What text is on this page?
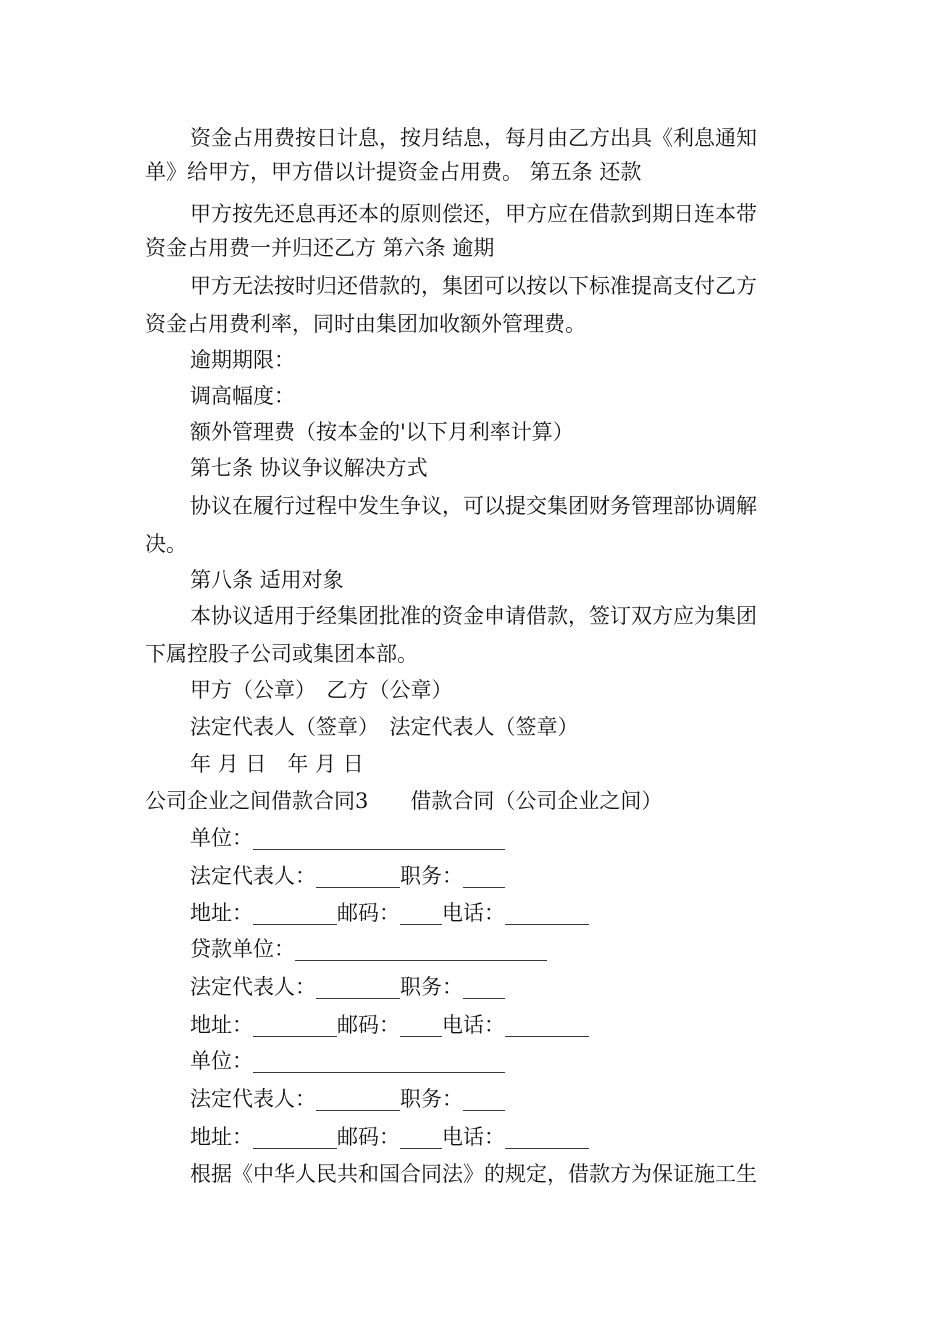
资金占用费按日计息，按月结息，每月由乙方出具《利息通知
单》给甲方，甲方借以计提资金占用费。 第五条 还款
甲方按先还息再还本的原则偿还，甲方应在借款到期日连本带
资金占用费一并归还乙方 第六条 逾期
甲方无法按时归还借款的，集团可以按以下标准提高支付乙方
资金占用费利率，同时由集团加收额外管理费。
逾期期限：
调高幅度：
额外管理费（按本金的'以下月利率计算）
第七条 协议争议解决方式
协议在履行过程中发生争议，可以提交集团财务管理部协调解
决。
第八条 适用对象
本协议适用于经集团批准的资金申请借款，签订双方应为集团
下属控股子公司或集团本部。
甲方（公章）　乙方（公章）
法定代表人（签章）　法定代表人（签章）
年 月 日　年 月 日
公司企业之间借款合同3　　借款合同（公司企业之间）
单位：________________________
法定代表人：________职务：____
地址：________邮码：____电话：________
贷款单位：________________________
法定代表人：________职务：____
地址：________邮码：____电话：________
单位：________________________
法定代表人：________职务：____
地址：________邮码：____电话：________
根据《中华人民共和国合同法》的规定，借款方为保证施工生
